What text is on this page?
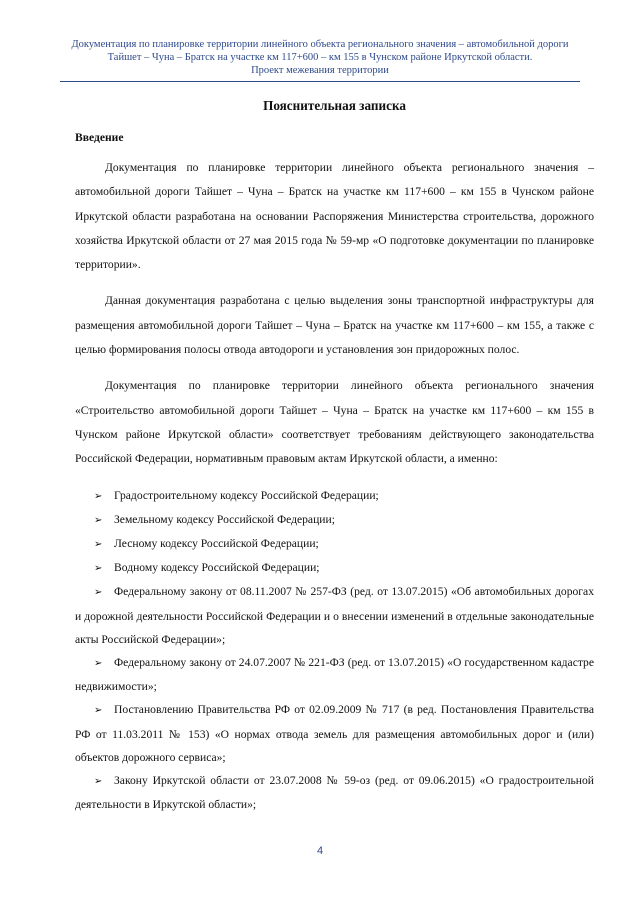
Документация по планировке территории линейного объекта регионального значения – автомобильной дороги
Тайшет – Чуна – Братск на участке км 117+600 – км 155 в Чунском районе Иркутской области.
Проект межевания территории
Пояснительная записка
Введение

Документация по планировке территории линейного объекта регионального значения – автомобильной дороги Тайшет – Чуна – Братск на участке км 117+600 – км 155 в Чунском районе Иркутской области разработана на основании Распоряжения Министерства строительства, дорожного хозяйства Иркутской области от 27 мая 2015 года № 59-мр «О подготовке документации по планировке территории».

Данная документация разработана с целью выделения зоны транспортной инфраструктуры для размещения автомобильной дороги Тайшет – Чуна – Братск на участке км 117+600 – км 155, а также с целью формирования полосы отвода автодороги и установления зон придорожных полос.

Документация по планировке территории линейного объекта регионального значения «Строительство автомобильной дороги Тайшет – Чуна – Братск на участке км 117+600 – км 155 в Чунском районе Иркутской области» соответствует требованиям действующего законодательства Российской Федерации, нормативным правовым актам Иркутской области, а именно:

➢ Градостроительному кодексу Российской Федерации;
➢ Земельному кодексу Российской Федерации;
➢ Лесному кодексу Российской Федерации;
➢ Водному кодексу Российской Федерации;
➢ Федеральному закону от 08.11.2007 № 257-ФЗ (ред. от 13.07.2015) «Об автомобильных дорогах и дорожной деятельности Российской Федерации и о внесении изменений в отдельные законодательные акты Российской Федерации»;
➢ Федеральному закону от 24.07.2007 № 221-ФЗ (ред. от 13.07.2015) «О государственном кадастре недвижимости»;
➢ Постановлению Правительства РФ от 02.09.2009 № 717 (в ред. Постановления Правительства РФ от 11.03.2011 № 153) «О нормах отвода земель для размещения автомобильных дорог и (или) объектов дорожного сервиса»;
➢ Закону Иркутской области от 23.07.2008 № 59-оз (ред. от 09.06.2015) «О градостроительной деятельности в Иркутской области»;
4
